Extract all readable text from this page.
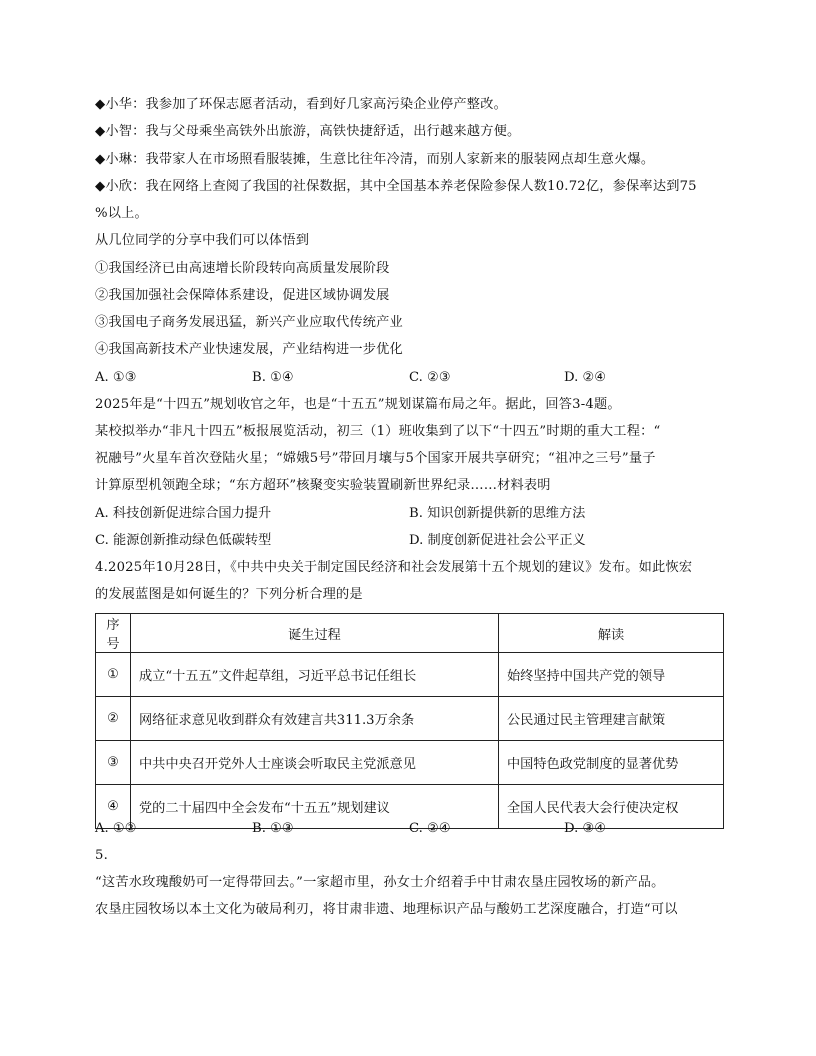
◆小华：我参加了环保志愿者活动，看到好几家高污染企业停产整改。
◆小智：我与父母乘坐高铁外出旅游，高铁快捷舒适，出行越来越方便。
◆小琳：我带家人在市场照看服装摊，生意比往年冷清，而别人家新来的服装网点却生意火爆。
◆小欣：我在网络上查阅了我国的社保数据，其中全国基本养老保险参保人数10.72亿，参保率达到75
%以上。
从几位同学的分享中我们可以体悟到
①我国经济已由高速增长阶段转向高质量发展阶段
②我国加强社会保障体系建设，促进区域协调发展
③我国电子商务发展迅猛，新兴产业应取代传统产业
④我国高新技术产业快速发展，产业结构进一步优化
A. ①③	B. ①④	C. ②③	D. ②④
2025年是“十四五”规划收官之年，也是“十五五”规划谋篇布局之年。据此，回答3-4题。
某校拟举办“非凡十四五”板报展览活动，初三（1）班收集到了以下“十四五”时期的重大工程：“
祝融号”火星车首次登陆火星；“嫦娥5号”带回月壤与5个国家开展共享研究；“祖冲之三号”量子
计算原型机领跑全球；“东方超环”核聚变实验装置刷新世界纪录……材料表明
A. 科技创新促进综合国力提升	B. 知识创新提供新的思维方法
C. 能源创新推动绿色低碳转型	D. 制度创新促进社会公平正义
4.2025年10月28日，《中共中央关于制定国民经济和社会发展第十五个规划的建议》发布。如此恢宏
的发展蓝图是如何诞生的？下列分析合理的是
序号	诞生过程	解读
①	成立“十五五”文件起草组，习近平总书记任组长	始终坚持中国共产党的领导
②	网络征求意见收到群众有效建言共311.3万余条	公民通过民主管理建言献策
③	中共中央召开党外人士座谈会听取民主党派意见	中国特色政党制度的显著优势
④	党的二十届四中全会发布“十五五”规划建议	全国人民代表大会行使决定权
A. ①②	B. ①③	C. ②④	D. ③④
5.
“这苦水玫瑰酸奶可一定得带回去。”一家超市里，孙女士介绍着手中甘肃农垦庄园牧场的新产品。
农垦庄园牧场以本土文化为破局利刃，将甘肃非遗、地理标识产品与酸奶工艺深度融合，打造“可以
